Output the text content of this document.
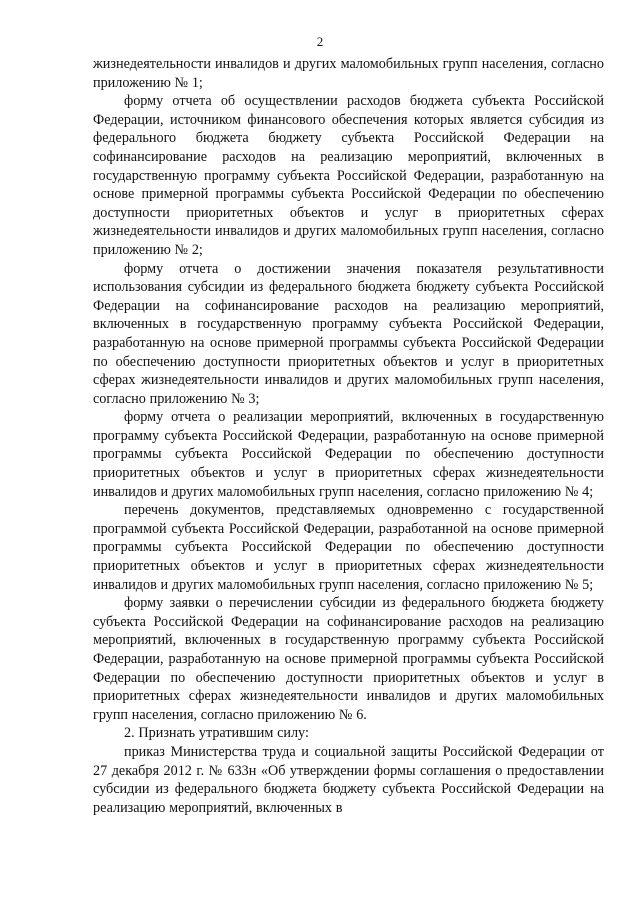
2

жизнедеятельности инвалидов и других маломобильных групп населения, согласно приложению № 1;

форму отчета об осуществлении расходов бюджета субъекта Российской Федерации, источником финансового обеспечения которых является субсидия из федерального бюджета бюджету субъекта Российской Федерации на софинансирование расходов на реализацию мероприятий, включенных в государственную программу субъекта Российской Федерации, разработанную на основе примерной программы субъекта Российской Федерации по обеспечению доступности приоритетных объектов и услуг в приоритетных сферах жизнедеятельности инвалидов и других маломобильных групп населения, согласно приложению № 2;

форму отчета о достижении значения показателя результативности использования субсидии из федерального бюджета бюджету субъекта Российской Федерации на софинансирование расходов на реализацию мероприятий, включенных в государственную программу субъекта Российской Федерации, разработанную на основе примерной программы субъекта Российской Федерации по обеспечению доступности приоритетных объектов и услуг в приоритетных сферах жизнедеятельности инвалидов и других маломобильных групп населения, согласно приложению № 3;

форму отчета о реализации мероприятий, включенных в государственную программу субъекта Российской Федерации, разработанную на основе примерной программы субъекта Российской Федерации по обеспечению доступности приоритетных объектов и услуг в приоритетных сферах жизнедеятельности инвалидов и других маломобильных групп населения, согласно приложению № 4;

перечень документов, представляемых одновременно с государственной программой субъекта Российской Федерации, разработанной на основе примерной программы субъекта Российской Федерации по обеспечению доступности приоритетных объектов и услуг в приоритетных сферах жизнедеятельности инвалидов и других маломобильных групп населения, согласно приложению № 5;

форму заявки о перечислении субсидии из федерального бюджета бюджету субъекта Российской Федерации на софинансирование расходов на реализацию мероприятий, включенных в государственную программу субъекта Российской Федерации, разработанную на основе примерной программы субъекта Российской Федерации по обеспечению доступности приоритетных объектов и услуг в приоритетных сферах жизнедеятельности инвалидов и других маломобильных групп населения, согласно приложению № 6.

2. Признать утратившим силу:

приказ Министерства труда и социальной защиты Российской Федерации от 27 декабря 2012 г. № 633н «Об утверждении формы соглашения о предоставлении субсидии из федерального бюджета бюджету субъекта Российской Федерации на реализацию мероприятий, включенных в
